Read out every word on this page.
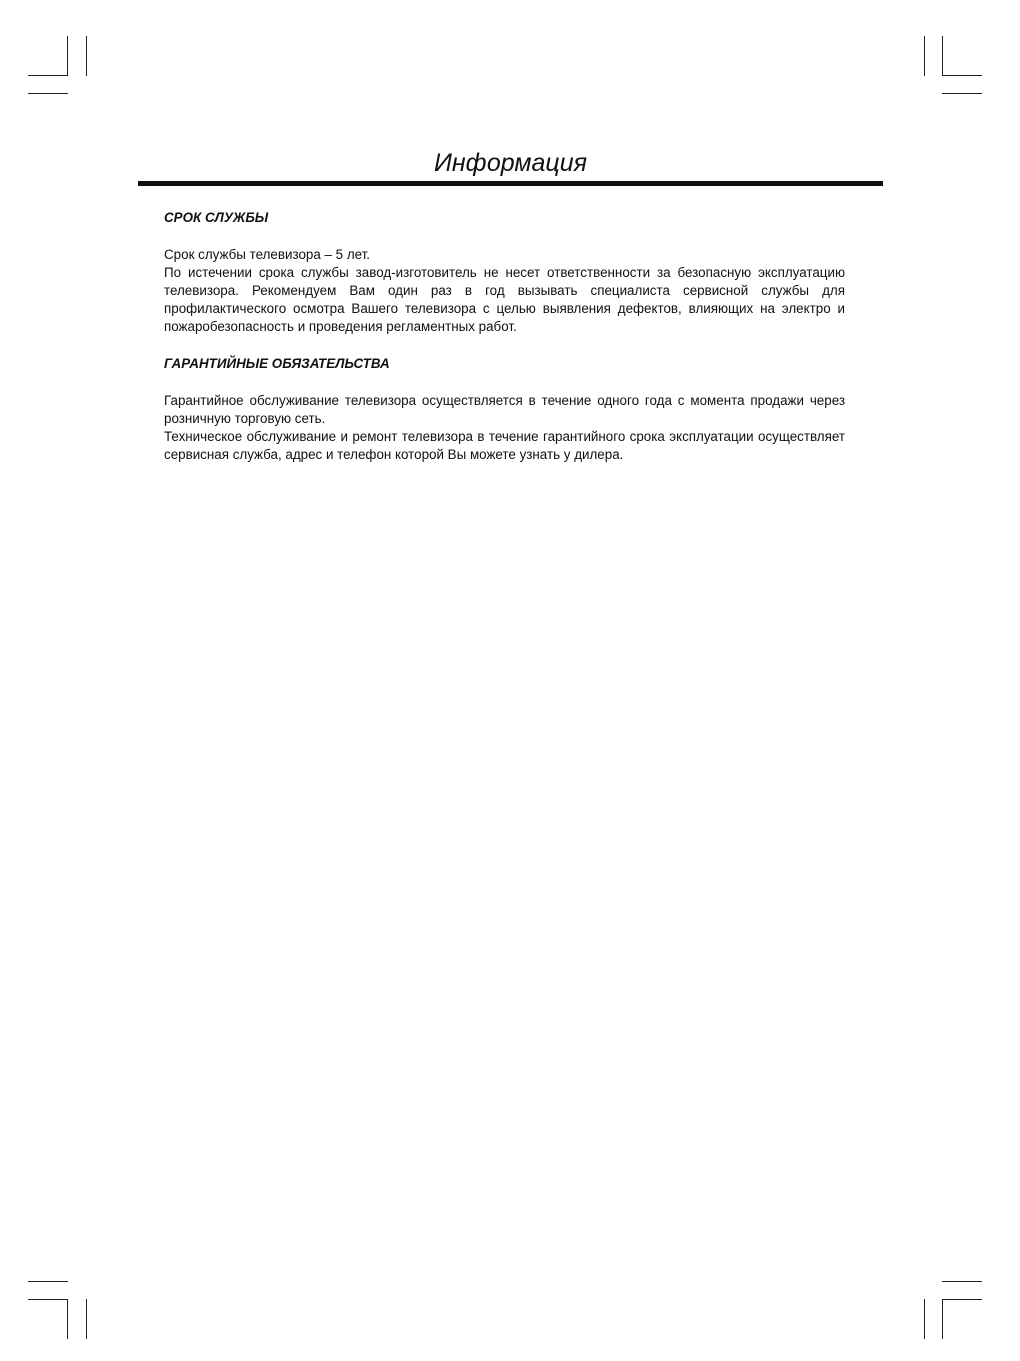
Информация
СРОК СЛУЖБЫ

Срок службы телевизора – 5 лет.

По истечении срока службы завод-изготовитель не несет ответственности за безопасную эксплуатацию телевизора. Рекомендуем Вам один раз в год вызывать специалиста сервисной службы для профилактического осмотра Вашего телевизора с целью выявления дефектов, влияющих на электро и пожаробезопасность и проведения регламентных работ.

ГАРАНТИЙНЫЕ ОБЯЗАТЕЛЬСТВА

Гарантийное обслуживание телевизора осуществляется в течение одного года с момента продажи через розничную торговую сеть.

Техническое обслуживание и ремонт телевизора в течение гарантийного срока эксплуатации осуществляет сервисная служба, адрес и телефон которой Вы можете узнать у дилера.
